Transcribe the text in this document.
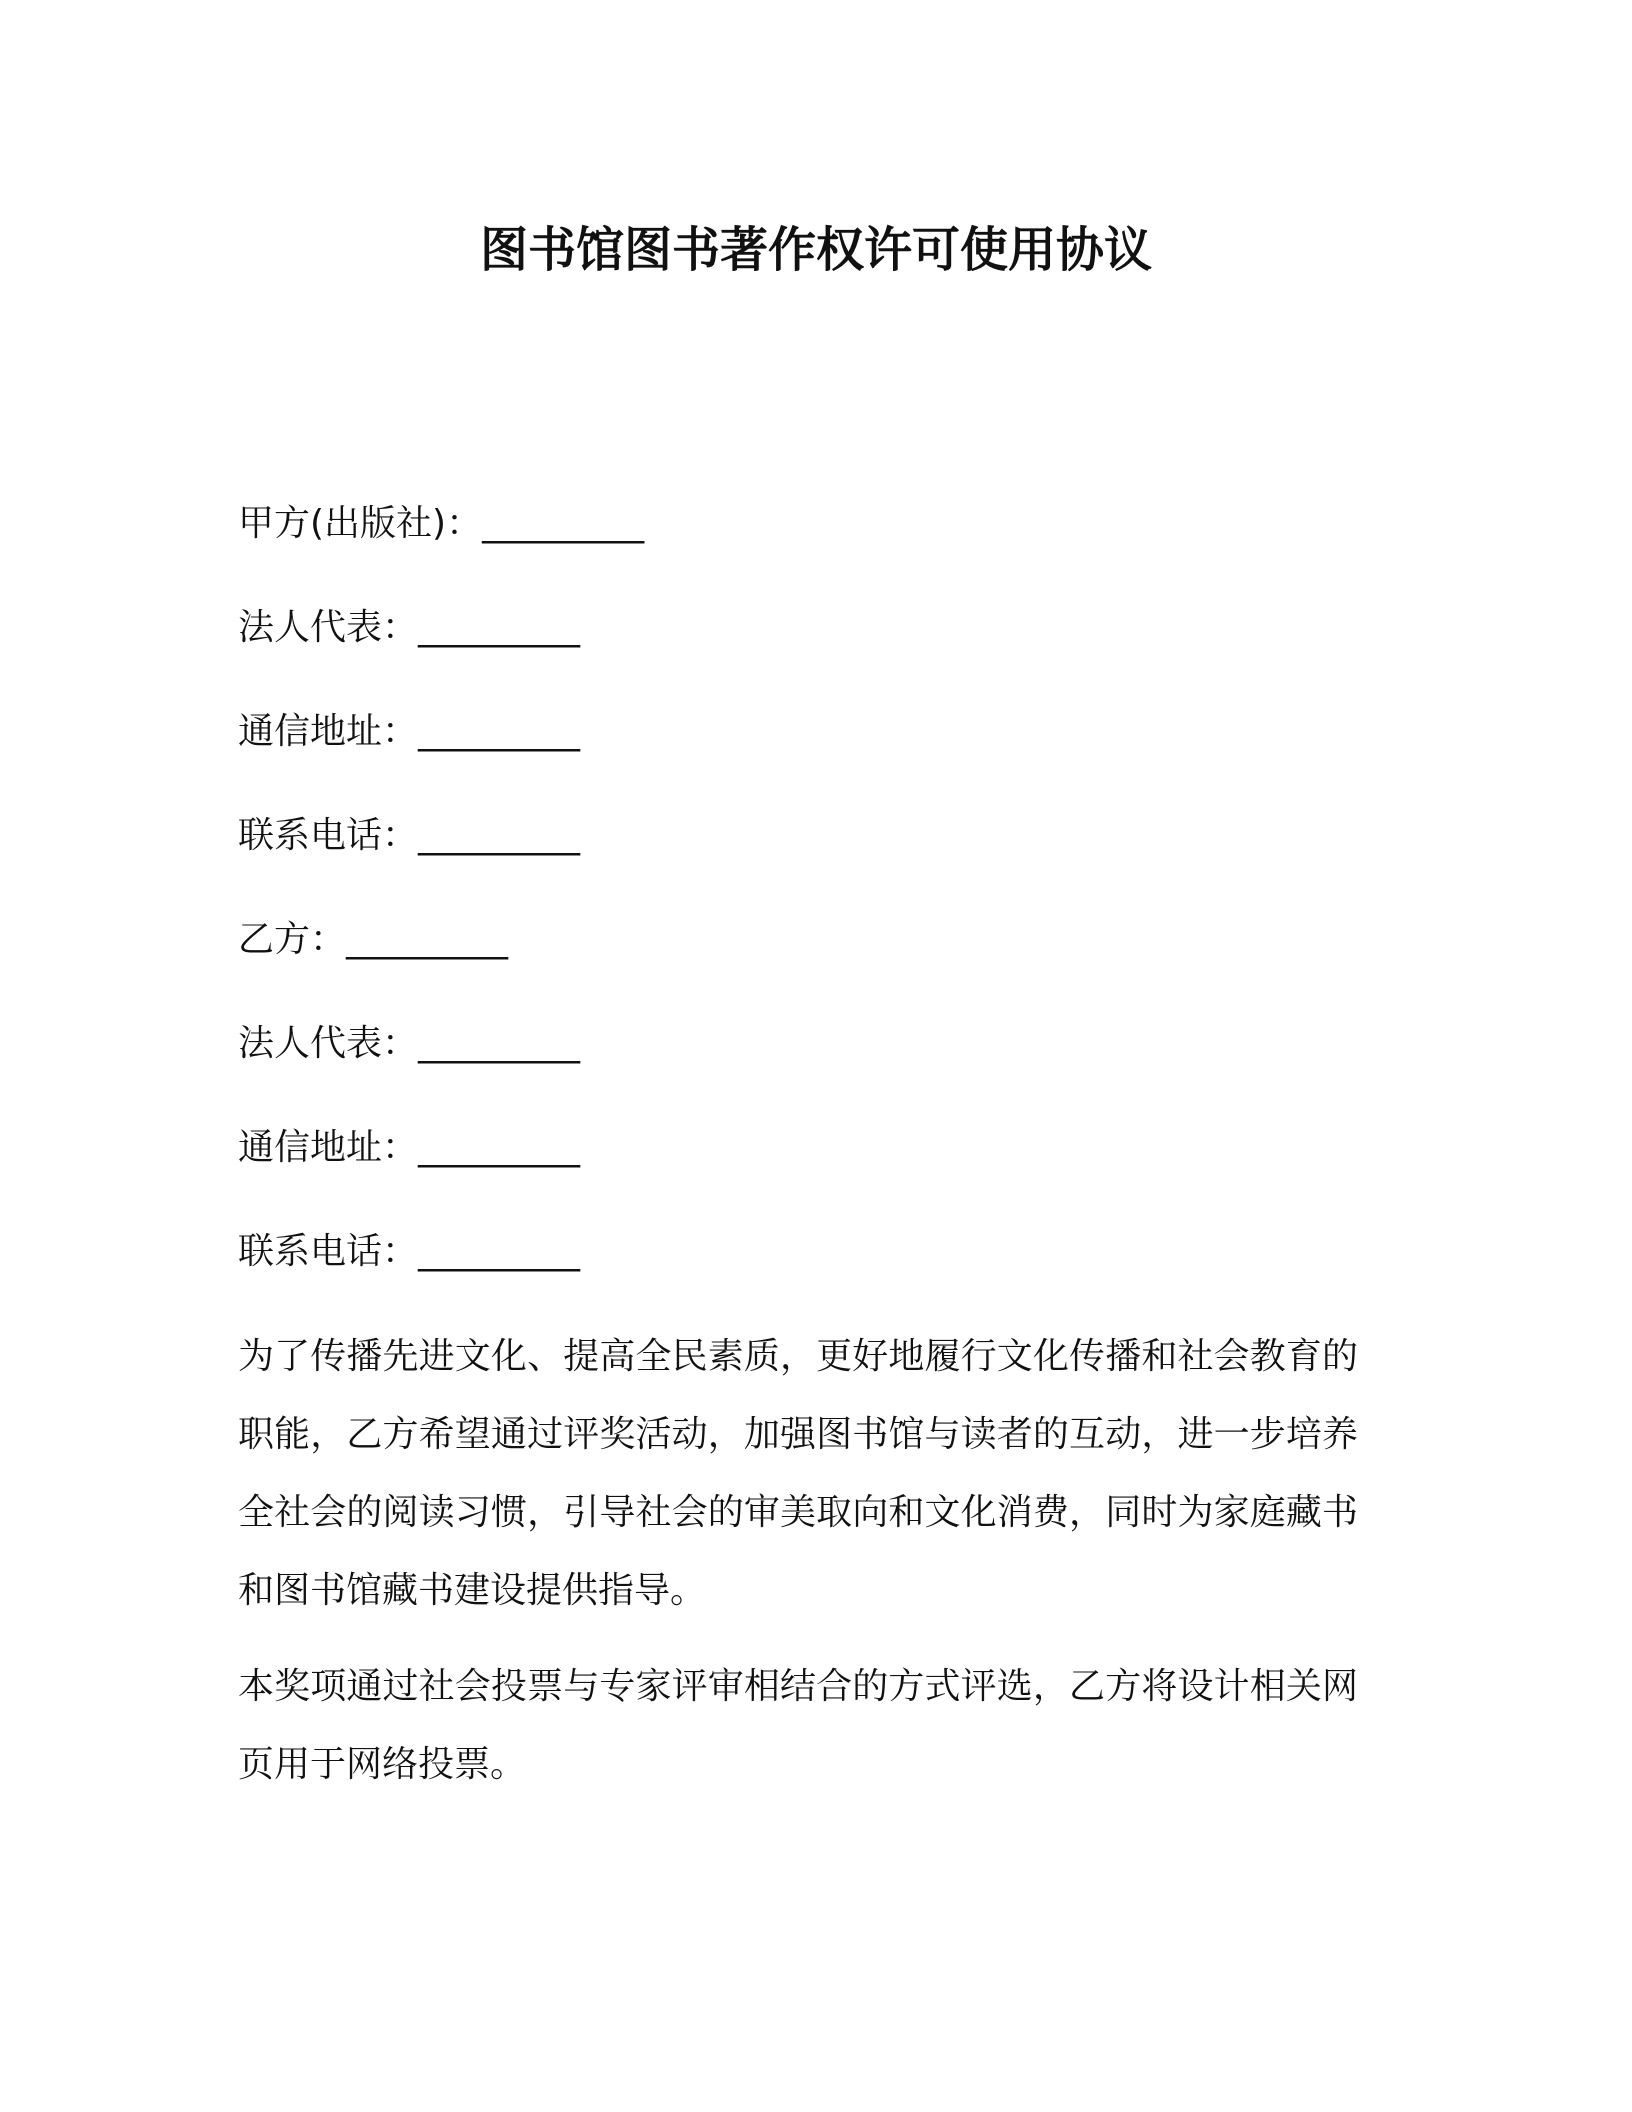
图书馆图书著作权许可使用协议
甲方(出版社)：_________
法人代表：_________
通信地址：_________
联系电话：_________
乙方：_________
法人代表：_________
通信地址：_________
联系电话：_________

为了传播先进文化、提高全民素质，更好地履行文化传播和社会教育的职能，乙方希望通过评奖活动，加强图书馆与读者的互动，进一步培养全社会的阅读习惯，引导社会的审美取向和文化消费，同时为家庭藏书和图书馆藏书建设提供指导。

本奖项通过社会投票与专家评审相结合的方式评选，乙方将设计相关网页用于网络投票。
